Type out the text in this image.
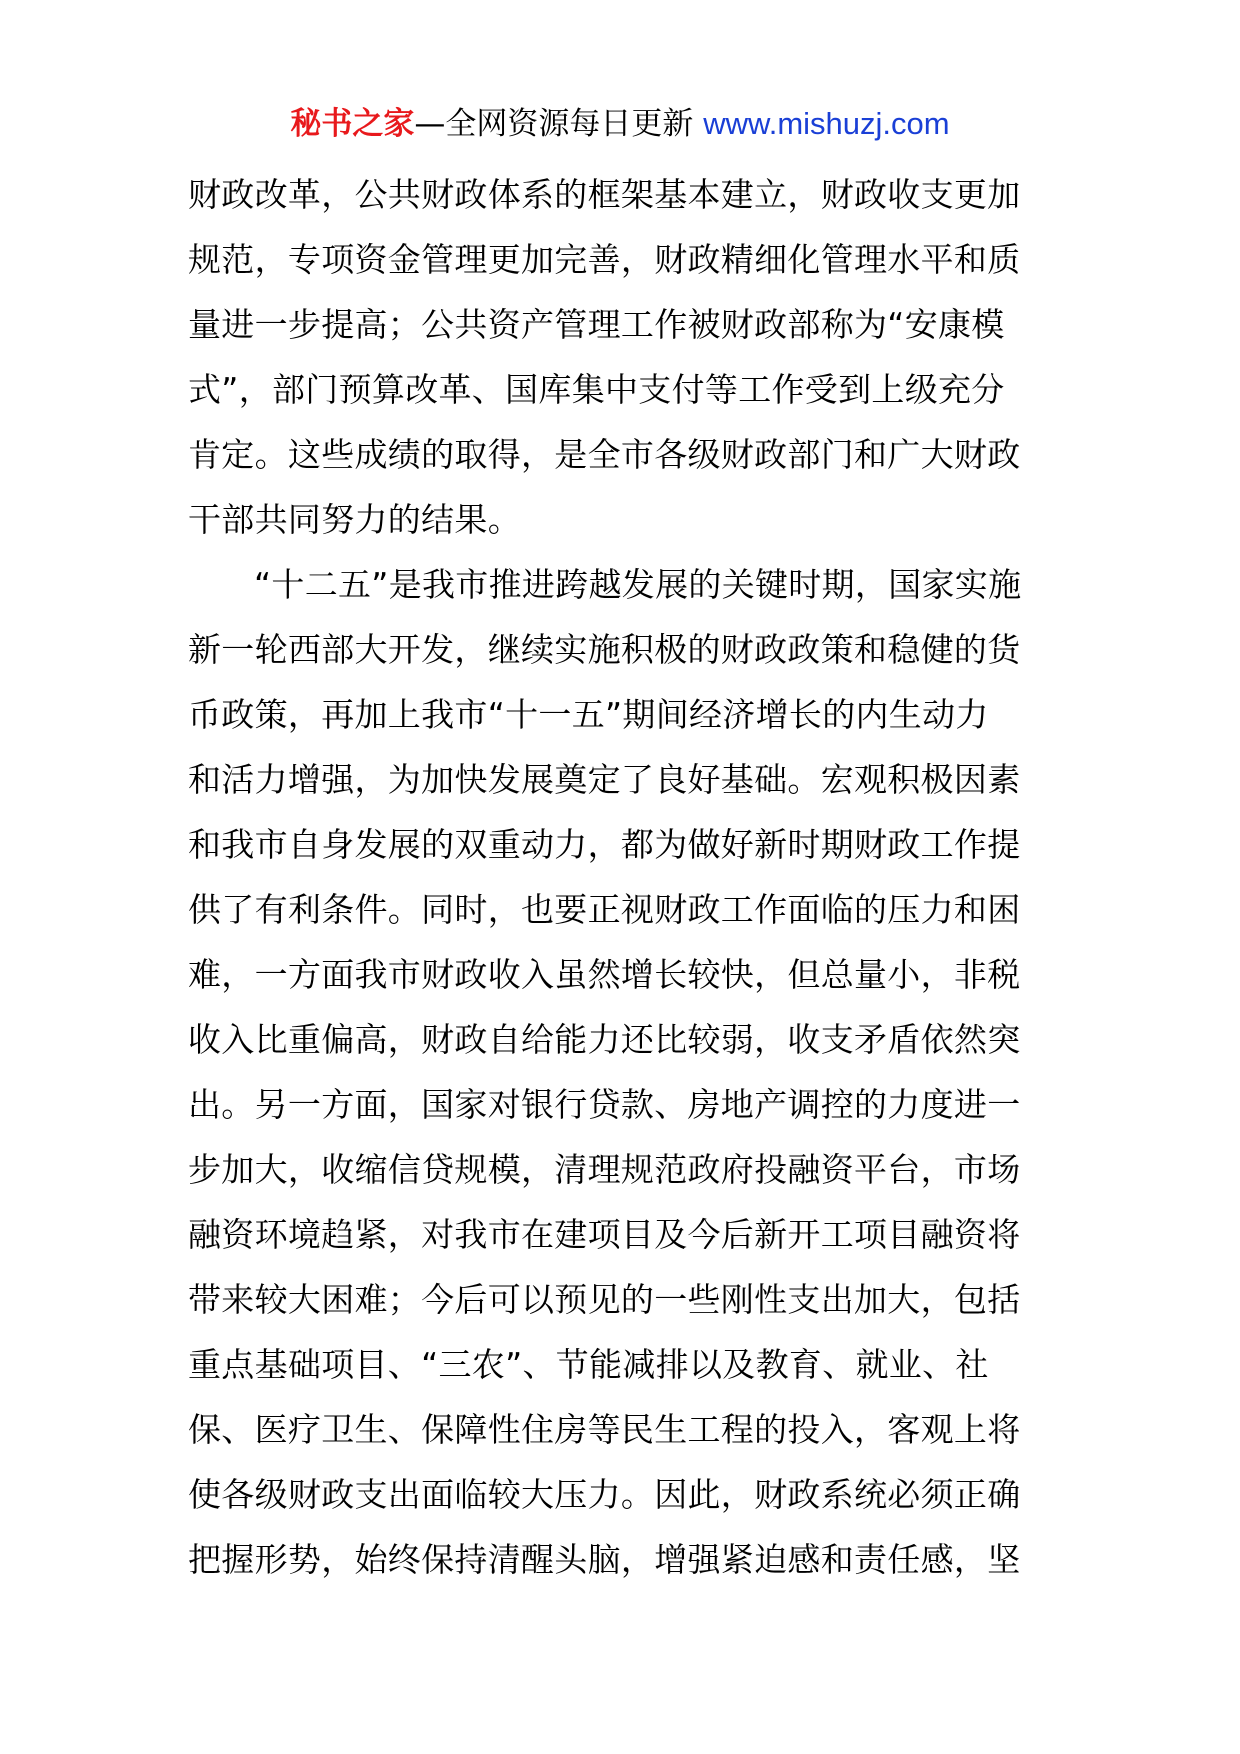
秘书之家—全网资源每日更新 www.mishuzj.com
财政改革，公共财政体系的框架基本建立，财政收支更加
规范，专项资金管理更加完善，财政精细化管理水平和质
量进一步提高；公共资产管理工作被财政部称为“安康模
式”，部门预算改革、国库集中支付等工作受到上级充分
肯定。这些成绩的取得，是全市各级财政部门和广大财政
干部共同努力的结果。
“十二五”是我市推进跨越发展的关键时期，国家实施
新一轮西部大开发，继续实施积极的财政政策和稳健的货
币政策，再加上我市“十一五”期间经济增长的内生动力
和活力增强，为加快发展奠定了良好基础。宏观积极因素
和我市自身发展的双重动力，都为做好新时期财政工作提
供了有利条件。同时，也要正视财政工作面临的压力和困
难，一方面我市财政收入虽然增长较快，但总量小，非税
收入比重偏高，财政自给能力还比较弱，收支矛盾依然突
出。另一方面，国家对银行贷款、房地产调控的力度进一
步加大，收缩信贷规模，清理规范政府投融资平台，市场
融资环境趋紧，对我市在建项目及今后新开工项目融资将
带来较大困难；今后可以预见的一些刚性支出加大，包括
重点基础项目、“三农”、节能减排以及教育、就业、社
保、医疗卫生、保障性住房等民生工程的投入，客观上将
使各级财政支出面临较大压力。因此，财政系统必须正确
把握形势，始终保持清醒头脑，增强紧迫感和责任感，坚
